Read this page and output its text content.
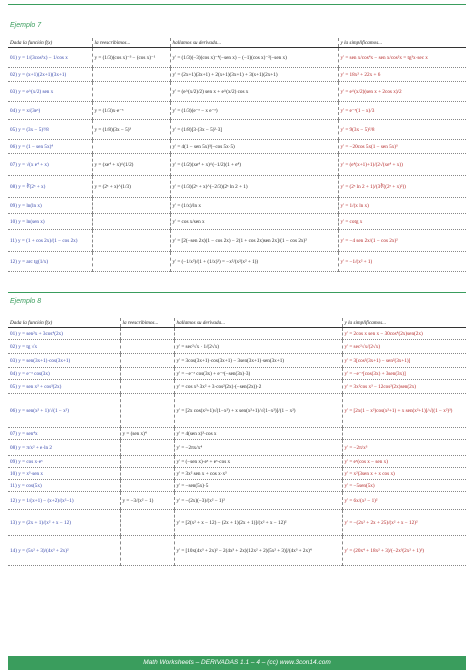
Ejemplo 7
Dada la función f(x)	la reescribimos...	hallamos su derivada...	y la simplificamos...
01) y = 1/(3cos³x) − 1/cos x	y = (1/3)(cos x)⁻³ − (cos x)⁻¹	y' = (1/3)(−3)(cos x)⁻⁴(−sen x) − (−1)(cos x)⁻²(−sen x)	y' = sen x/cos⁴x − sen x/cos²x = tg³x·sec x
02) y = (x+1)(2x+1)(3x+1)		y' = (2x+1)(3x+1) + 2(x+1)(3x+1) + 3(x+1)(2x+1)	y' = 18x² + 22x + 6
03) y = e^(x/2) sen x		y' = (e^(x/2)/2) sen x + e^(x/2) cos x	y' = e^(x/2)(sen x + 2cos x)/2
04) y = x/(3eˣ)	y = (1/3)x·e⁻ˣ	y' = (1/3)(e⁻ˣ − x e⁻ˣ)	y' = e⁻ˣ(1 − x)/3
05) y = (3x − 5)³/8	y = (1/8)(3x − 5)³	y' = (1/8)[3·(3x − 5)²·3]	y' = 9(3x − 5)²/8
06) y = (1 − sen 5x)⁴		y' = 4(1 − sen 5x)³(−cos 5x·5)	y' = −20cos 5x(1 − sen 5x)³
07) y = √(x e⁴ + x)	y = (xe⁴ + x)^(1/2)	y' = (1/2)(xe⁴ + x)^(−1/2)(1 + e⁴)	y' = (e⁴(x+1)+1)/(2√(xe⁴ + x))
08) y = ∛(2ˣ + x)	y = (2ˣ + x)^(1/3)	y' = (1/3)(2ˣ + x)^(−2/3)(2ˣ ln 2 + 1)	y' = (2ˣ ln 2 + 1)/(3∛((2ˣ + x)²))
09) y = ln(ln x)		y' = (1/x)/ln x	y' = 1/(x ln x)
10) y = ln(sen x)		y' = cos x/sen x	y' = cotg x
11) y = (1 + cos 2x)/(1 − cos 2x)		y' = [2(−sen 2x)(1 − cos 2x) − 2(1 + cos 2x)sen 2x]/(1 − cos 2x)²	y' = −4 sen 2x/(1 − cos 2x)²
12) y = arc tg(1/x)		y' = (−1/x²)/(1 + (1/x)²) = −x²/(x²(x² + 1))	y' = −1/(x² + 1)
Ejemplo 8
Dada la función f(x)	la reescribimos...	hallamos su derivada...	y la simplificamos...
01) y = sen²x + 3cos⁴(2x)			y' = 2cos x sen x − 30cos⁴(2x)sen(2x)
02) y = tg √x		y' = sec²√x · 1/(2√x)	y' = sec²√x/(2√x)
03) y = sen(3x+1)·cos(3x+1)		y' = 3cos(3x+1)·cos(3x+1) − 3sen(3x+1)·sen(3x+1)	y' = 3[cos²(3x+1) − sen²(3x+1)]
04) y = e⁻ˣ cos(3x)		y' = −e⁻ˣ cos(3x) + e⁻ˣ(−sen(3x)·3)	y' = −e⁻ˣ[cos(3x) + 3sen(3x)]
05) y = sen x³ + cos³(2x)		y' = cos x³·3x² + 3·cos²(2x)·(−sen(2x))·2	y' = 3x²cos x³ − 12cos²(2x)sen(2x)
06) y = sen(x² + 1)/√(1 − x²)		y' = [2x cos(x²+1)√(1−x²) + x sen(x²+1)/√(1−x²)]/(1 − x²)	y' = [2x(1 − x²)cos(x²+1) + x sen(x²+1)]/√((1 − x²)³)
07) y = sen⁴x	y = (sen x)⁴	y' = 4(sen x)³·cos x	
08) y = π/x² + e·ln 2		y' = −2πx/x⁴	y' = −2π/x³
09) y = cos x·eˣ		y' = (−sen x)·eˣ + eˣ·cos x	y' = eˣ(cos x − sen x)
10) y = x³·sen x		y' = 3x² sen x + cos x·x³	y' = x²(3sen x + x cos x)
11) y = cos(5x)		y' = −sen(5x)·5	y' = −5sen(5x)
12) y = 1/(x+1) − (x+2)/(x²−1)	y = −3/(x² − 1)	y' = −(2x)(−3)/(x² − 1)²	y' = 6x/(x² − 1)²
13) y = (2x + 1)/(x² + x − 12)		y' = [2(x² + x − 12) − (2x + 1)(2x + 1)]/(x² + x − 12)²	y' = −(2x² + 2x + 25)/(x² + x − 12)²
14) y = (5x² + 3)/(4x³ + 2x)²		y' = [10x(4x³ + 2x)² − 2(4x³ + 2x)(12x² + 2)(5x² + 3)]/(4x³ + 2x)⁴	y' = (20x⁴ + 18x² + 3)/(−2x³(2x² + 1)³)
Math Worksheets – DERIVADAS 1.1 – 4 – (cc) www.3con14.com
